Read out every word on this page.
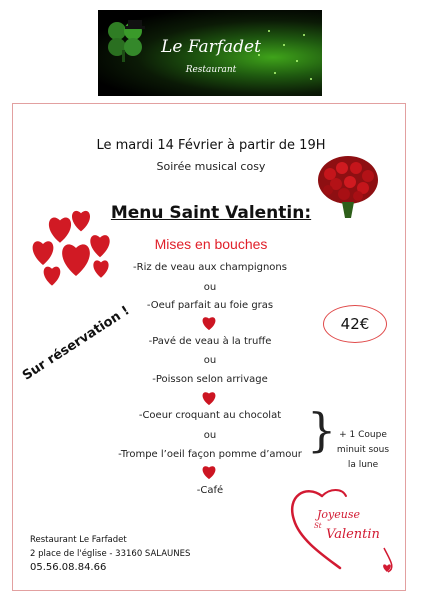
Le Farfadet
Restaurant
Le mardi 14 Février à partir de 19H
Soirée musical cosy
Menu Saint Valentin:
Mises en bouches
-Riz de veau aux champignons
ou
-Oeuf parfait au foie gras
-Pavé de veau à la truffe
ou
-Poisson selon arrivage
-Coeur croquant au chocolat
ou
-Trompe l’oeil façon pomme d’amour
-Café
42€
Sur réservation !
} + 1 Coupe
minuit sous
la lune
Restaurant Le Farfadet
2 place de l'église - 33160 SALAUNES
05.56.08.84.66
Joyeuse
St
Valentin
